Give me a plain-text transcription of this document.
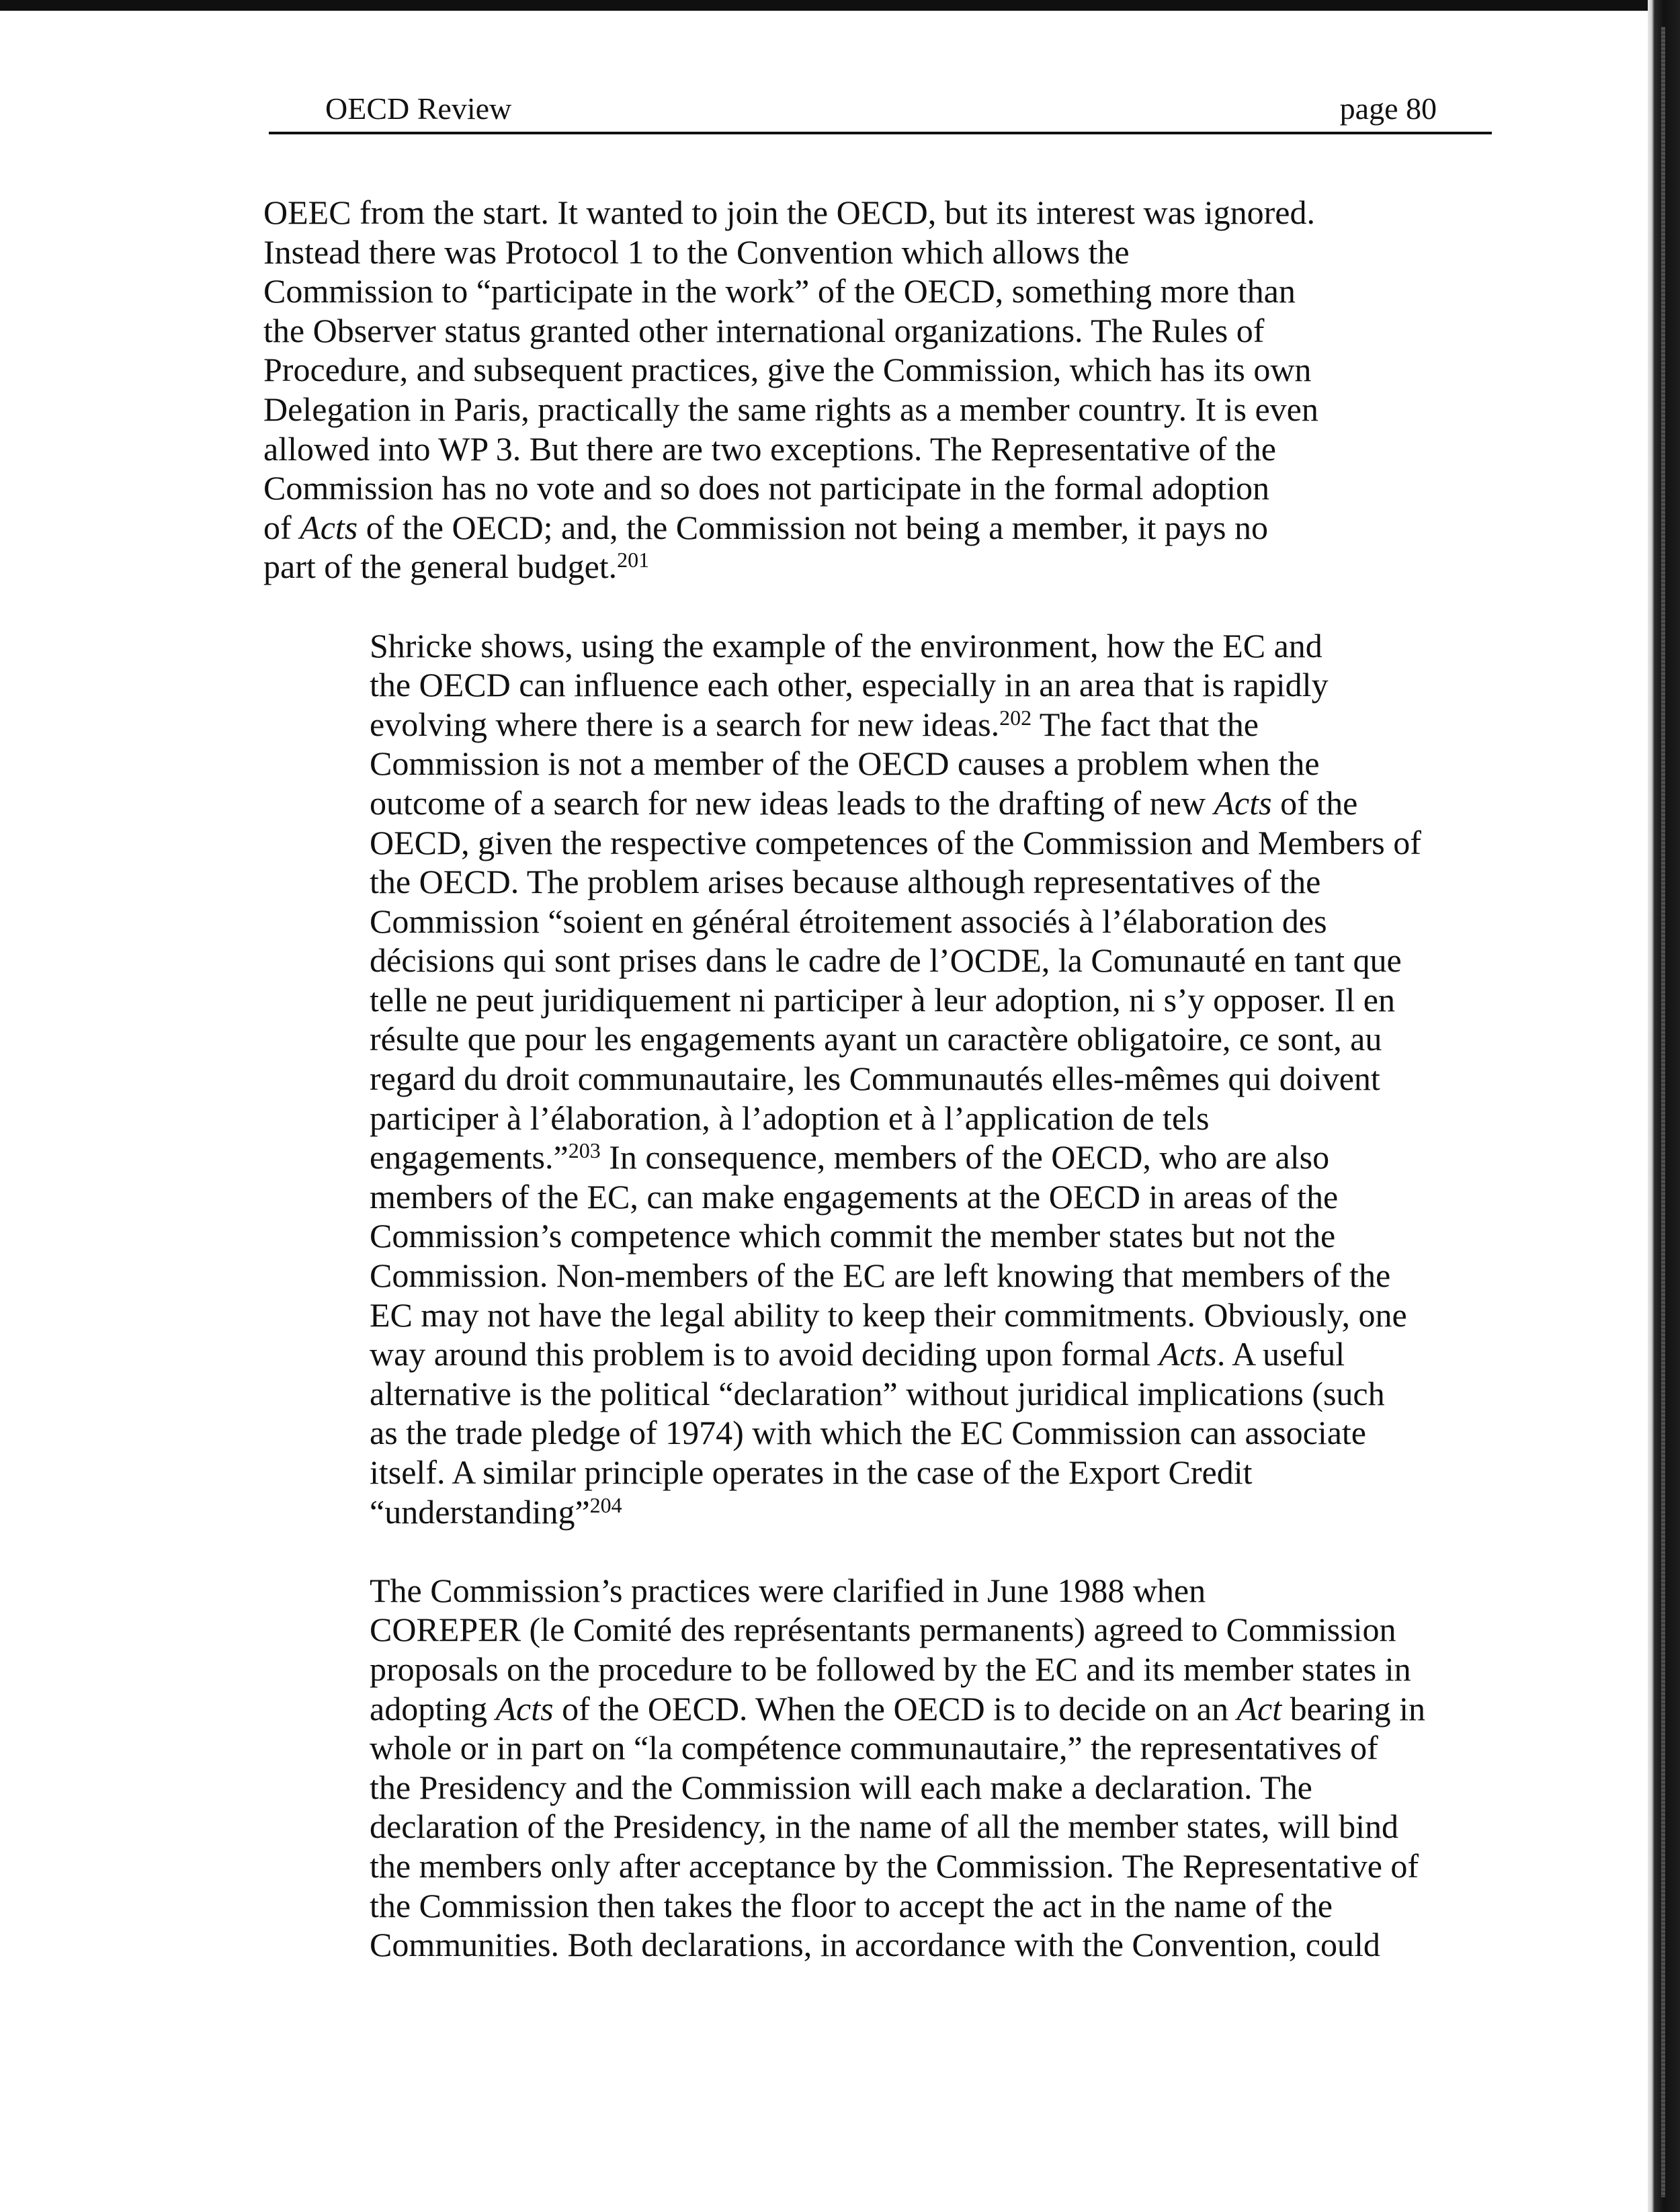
OECD Review	page 80

OEEC from the start. It wanted to join the OECD, but its interest was ignored.
Instead there was Protocol 1 to the Convention which allows the
Commission to “participate in the work” of the OECD, something more than
the Observer status granted other international organizations. The Rules of
Procedure, and subsequent practices, give the Commission, which has its own
Delegation in Paris, practically the same rights as a member country. It is even
allowed into WP 3. But there are two exceptions. The Representative of the
Commission has no vote and so does not participate in the formal adoption
of Acts of the OECD; and, the Commission not being a member, it pays no
part of the general budget.$^{201}$

Shricke shows, using the example of the environment, how the EC and
the OECD can influence each other, especially in an area that is rapidly
evolving where there is a search for new ideas.$^{202}$ The fact that the
Commission is not a member of the OECD causes a problem when the
outcome of a search for new ideas leads to the drafting of new Acts of the
OECD, given the respective competences of the Commission and Members of
the OECD. The problem arises because although representatives of the
Commission “soient en général étroitement associés à l’élaboration des
décisions qui sont prises dans le cadre de l’OCDE, la Comunauté en tant que
telle ne peut juridiquement ni participer à leur adoption, ni s’y opposer. Il en
résulte que pour les engagements ayant un caractère obligatoire, ce sont, au
regard du droit communautaire, les Communautés elles-mêmes qui doivent
participer à l’élaboration, à l’adoption et à l’application de tels
engagements.”$^{203}$ In consequence, members of the OECD, who are also
members of the EC, can make engagements at the OECD in areas of the
Commission’s competence which commit the member states but not the
Commission. Non-members of the EC are left knowing that members of the
EC may not have the legal ability to keep their commitments. Obviously, one
way around this problem is to avoid deciding upon formal Acts. A useful
alternative is the political “declaration” without juridical implications (such
as the trade pledge of 1974) with which the EC Commission can associate
itself. A similar principle operates in the case of the Export Credit
“understanding”$^{204}$

The Commission’s practices were clarified in June 1988 when
COREPER (le Comité des représentants permanents) agreed to Commission
proposals on the procedure to be followed by the EC and its member states in
adopting Acts of the OECD. When the OECD is to decide on an Act bearing in
whole or in part on “la compétence communautaire,” the representatives of
the Presidency and the Commission will each make a declaration. The
declaration of the Presidency, in the name of all the member states, will bind
the members only after acceptance by the Commission. The Representative of
the Commission then takes the floor to accept the act in the name of the
Communities. Both declarations, in accordance with the Convention, could
